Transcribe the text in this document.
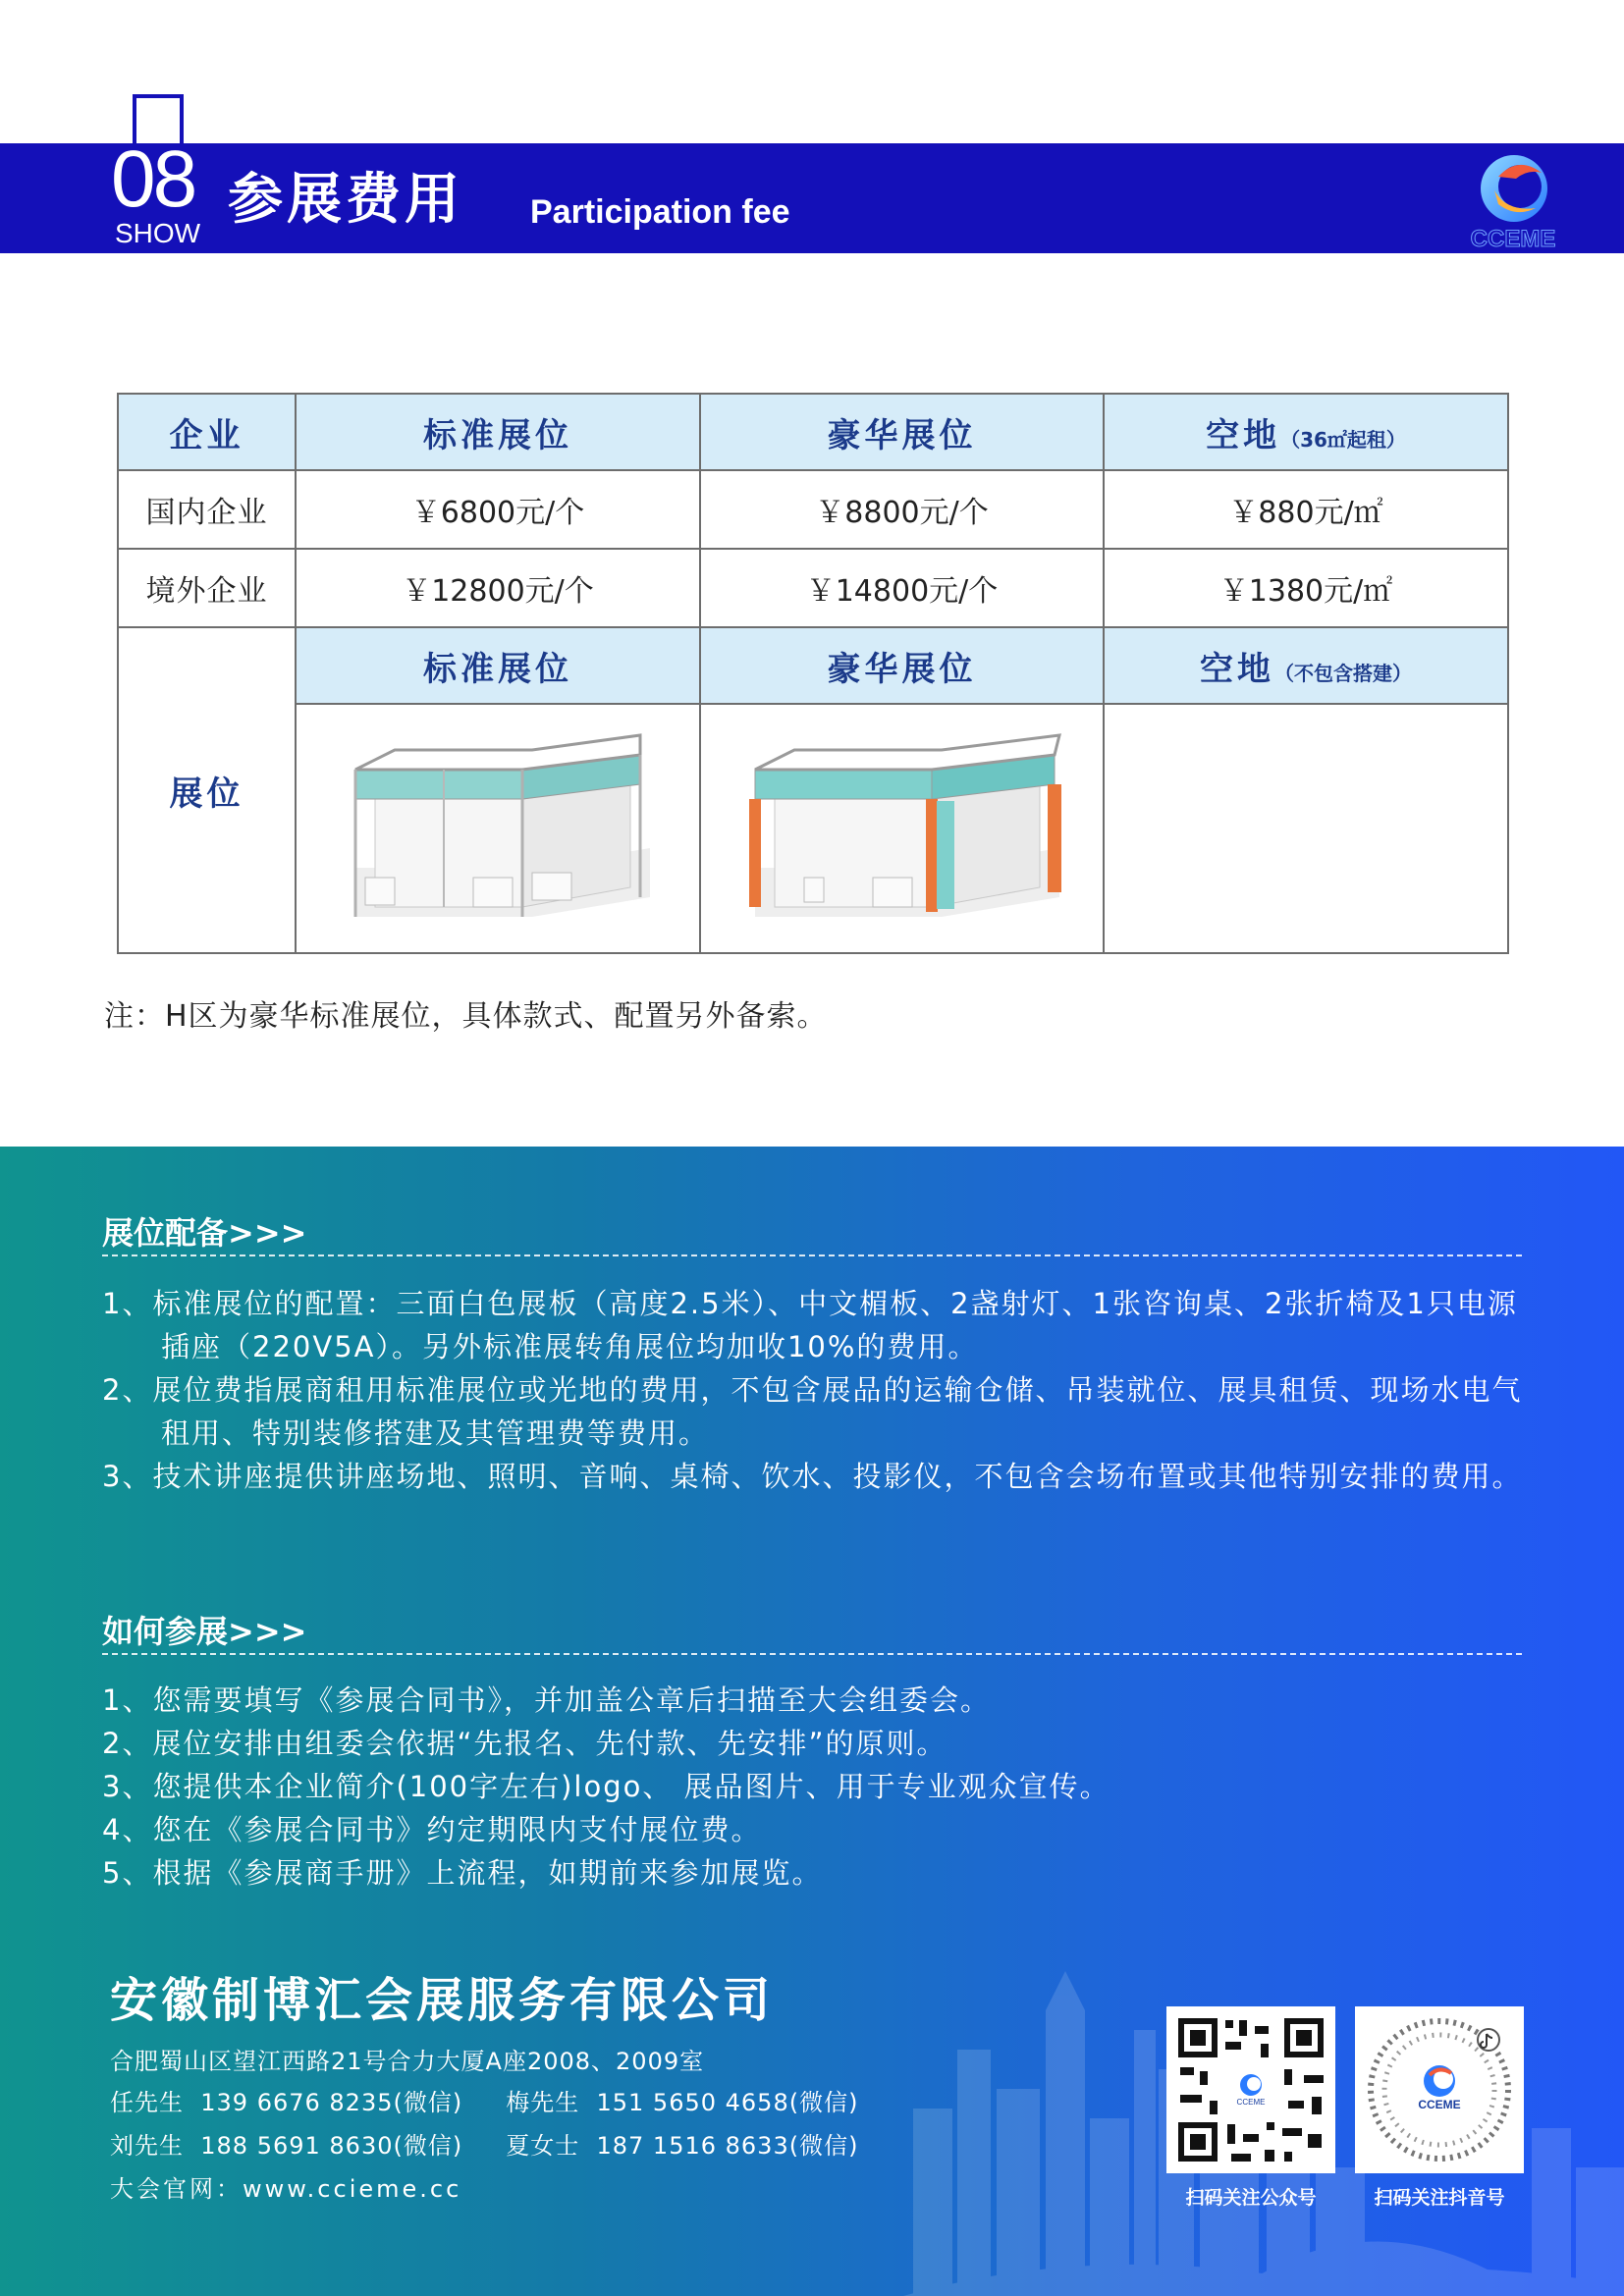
08
SHOW
参展费用 Participation fee
CCEME
企业	标准展位	豪华展位	空地（36㎡起租）
国内企业	￥6800元/个	￥8800元/个	￥880元/㎡
境外企业	￥12800元/个	￥14800元/个	￥1380元/㎡
展位	标准展位	豪华展位	空地（不包含搭建）

注：H区为豪华标准展位，具体款式、配置另外备索。
展位配备>>>
1、标准展位的配置：三面白色展板（高度2.5米）、中文楣板、2盏射灯、1张咨询桌、2张折椅及1只电源插座（220V5A）。另外标准展转角展位均加收10%的费用。
2、展位费指展商租用标准展位或光地的费用，不包含展品的运输仓储、吊装就位、展具租赁、现场水电气租用、特别装修搭建及其管理费等费用。
3、技术讲座提供讲座场地、照明、音响、桌椅、饮水、投影仪，不包含会场布置或其他特别安排的费用。
如何参展>>>
1、您需要填写《参展合同书》，并加盖公章后扫描至大会组委会。
2、展位安排由组委会依据“先报名、先付款、先安排”的原则。
3、您提供本企业简介(100字左右)logo、 展品图片、用于专业观众宣传。
4、您在《参展合同书》约定期限内支付展位费。
5、根据《参展商手册》上流程，如期前来参加展览。
安徽制博汇会展服务有限公司
合肥蜀山区望江西路21号合力大厦A座2008、2009室
任先生 139 6676 8235(微信) 梅先生 151 5650 4658(微信)
刘先生 188 5691 8630(微信) 夏女士 187 1516 8633(微信)
大会官网：www.ccieme.cc
CCEME
扫码关注公众号
CCEME
扫码关注抖音号
